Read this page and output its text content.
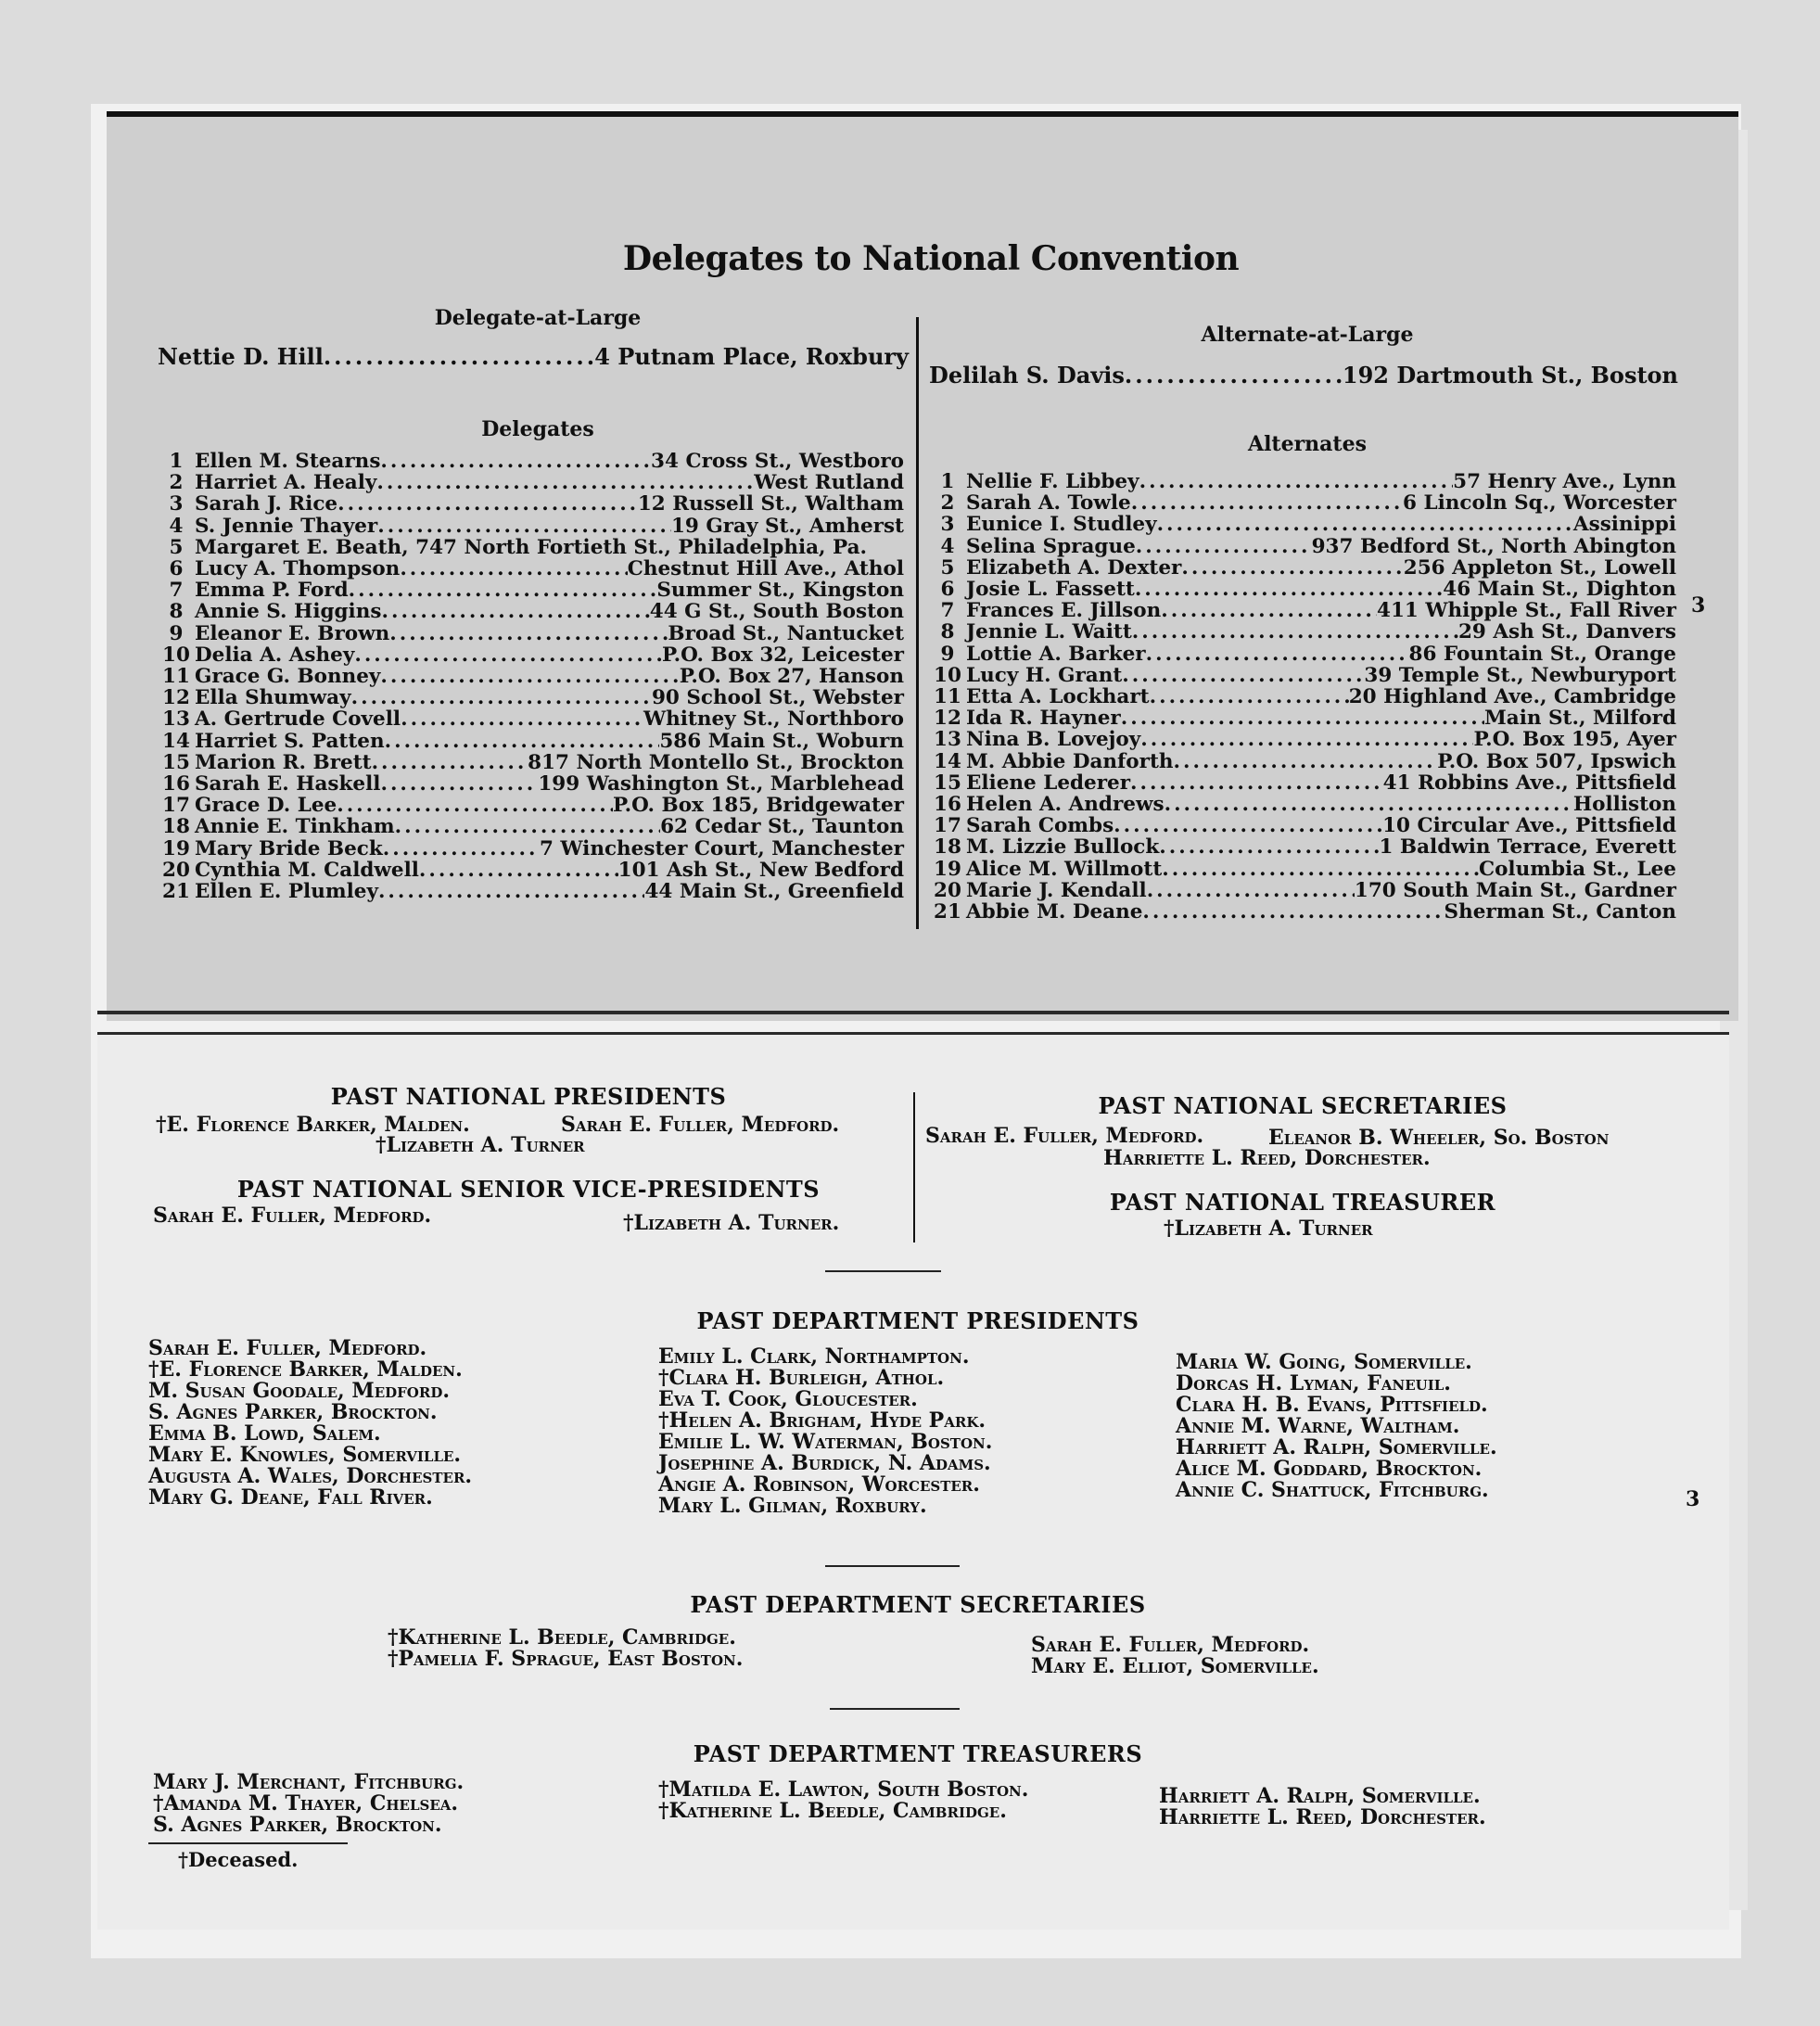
Delegates to National Convention
Delegate-at-Large
Nettie D. Hill .....	4 Putnam Place, Roxbury
Delegates
1 Ellen M. Stearns .....	34 Cross St., Westboro
2 Harriet A. Healy .....	West Rutland
3 Sarah J. Rice .....	12 Russell St., Waltham
4 S. Jennie Thayer .....	19 Gray St., Amherst
5 Margaret E. Beath, 747 North Fortieth St., Philadelphia, Pa.
6 Lucy A. Thompson .....	Chestnut Hill Ave., Athol
7 Emma P. Ford .....	Summer St., Kingston
8 Annie S. Higgins .....	44 G St., South Boston
9 Eleanor E. Brown .....	Broad St., Nantucket
10 Delia A. Ashey .....	P.O. Box 32, Leicester
11 Grace G. Bonney .....	P.O. Box 27, Hanson
12 Ella Shumway .....	90 School St., Webster
13 A. Gertrude Covell .....	Whitney St., Northboro
14 Harriet S. Patten .....	586 Main St., Woburn
15 Marion R. Brett .....	817 North Montello St., Brockton
16 Sarah E. Haskell .....	199 Washington St., Marblehead
17 Grace D. Lee .....	P.O. Box 185, Bridgewater
18 Annie E. Tinkham .....	62 Cedar St., Taunton
19 Mary Bride Beck .....	7 Winchester Court, Manchester
20 Cynthia M. Caldwell .....	101 Ash St., New Bedford
21 Ellen E. Plumley .....	44 Main St., Greenfield
Alternate-at-Large
Delilah S. Davis .....	192 Dartmouth St., Boston
Alternates
1 Nellie F. Libbey .....	57 Henry Ave., Lynn
2 Sarah A. Towle .....	6 Lincoln Sq., Worcester
3 Eunice I. Studley .....	Assinippi
4 Selina Sprague .....	937 Bedford St., North Abington
5 Elizabeth A. Dexter .....	256 Appleton St., Lowell
6 Josie L. Fassett .....	46 Main St., Dighton
7 Frances E. Jillson .....	411 Whipple St., Fall River
8 Jennie L. Waitt .....	29 Ash St., Danvers
9 Lottie A. Barker .....	86 Fountain St., Orange
10 Lucy H. Grant .....	39 Temple St., Newburyport
11 Etta A. Lockhart .....	20 Highland Ave., Cambridge
12 Ida R. Hayner .....	Main St., Milford
13 Nina B. Lovejoy .....	P.O. Box 195, Ayer
14 M. Abbie Danforth .....	P.O. Box 507, Ipswich
15 Eliene Lederer .....	41 Robbins Ave., Pittsfield
16 Helen A. Andrews .....	Holliston
17 Sarah Combs .....	10 Circular Ave., Pittsfield
18 M. Lizzie Bullock .....	1 Baldwin Terrace, Everett
19 Alice M. Willmott .....	Columbia St., Lee
20 Marie J. Kendall .....	170 South Main St., Gardner
21 Abbie M. Deane .....	Sherman St., Canton
3
PAST NATIONAL PRESIDENTS
†E. Florence Barker, Malden.	Sarah E. Fuller, Medford.
†Lizabeth A. Turner
PAST NATIONAL SENIOR VICE-PRESIDENTS
Sarah E. Fuller, Medford.	†Lizabeth A. Turner.
PAST NATIONAL SECRETARIES
Sarah E. Fuller, Medford.	Eleanor B. Wheeler, So. Boston
Harriette L. Reed, Dorchester.
PAST NATIONAL TREASURER
†Lizabeth A. Turner
PAST DEPARTMENT PRESIDENTS
Sarah E. Fuller, Medford.
†E. Florence Barker, Malden.
M. Susan Goodale, Medford.
S. Agnes Parker, Brockton.
Emma B. Lowd, Salem.
Mary E. Knowles, Somerville.
Augusta A. Wales, Dorchester.
Mary G. Deane, Fall River.
Emily L. Clark, Northampton.
†Clara H. Burleigh, Athol.
Eva T. Cook, Gloucester.
†Helen A. Brigham, Hyde Park.
Emilie L. W. Waterman, Boston.
Josephine A. Burdick, N. Adams.
Angie A. Robinson, Worcester.
Mary L. Gilman, Roxbury.
Maria W. Going, Somerville.
Dorcas H. Lyman, Faneuil.
Clara H. B. Evans, Pittsfield.
Annie M. Warne, Waltham.
Harriett A. Ralph, Somerville.
Alice M. Goddard, Brockton.
Annie C. Shattuck, Fitchburg.	3
PAST DEPARTMENT SECRETARIES
†Katherine L. Beedle, Cambridge.
†Pamelia F. Sprague, East Boston.
Sarah E. Fuller, Medford.
Mary E. Elliot, Somerville.
PAST DEPARTMENT TREASURERS
Mary J. Merchant, Fitchburg.
†Amanda M. Thayer, Chelsea.
S. Agnes Parker, Brockton.
†Matilda E. Lawton, South Boston.
†Katherine L. Beedle, Cambridge.
Harriett A. Ralph, Somerville.
Harriette L. Reed, Dorchester.
†Deceased.
